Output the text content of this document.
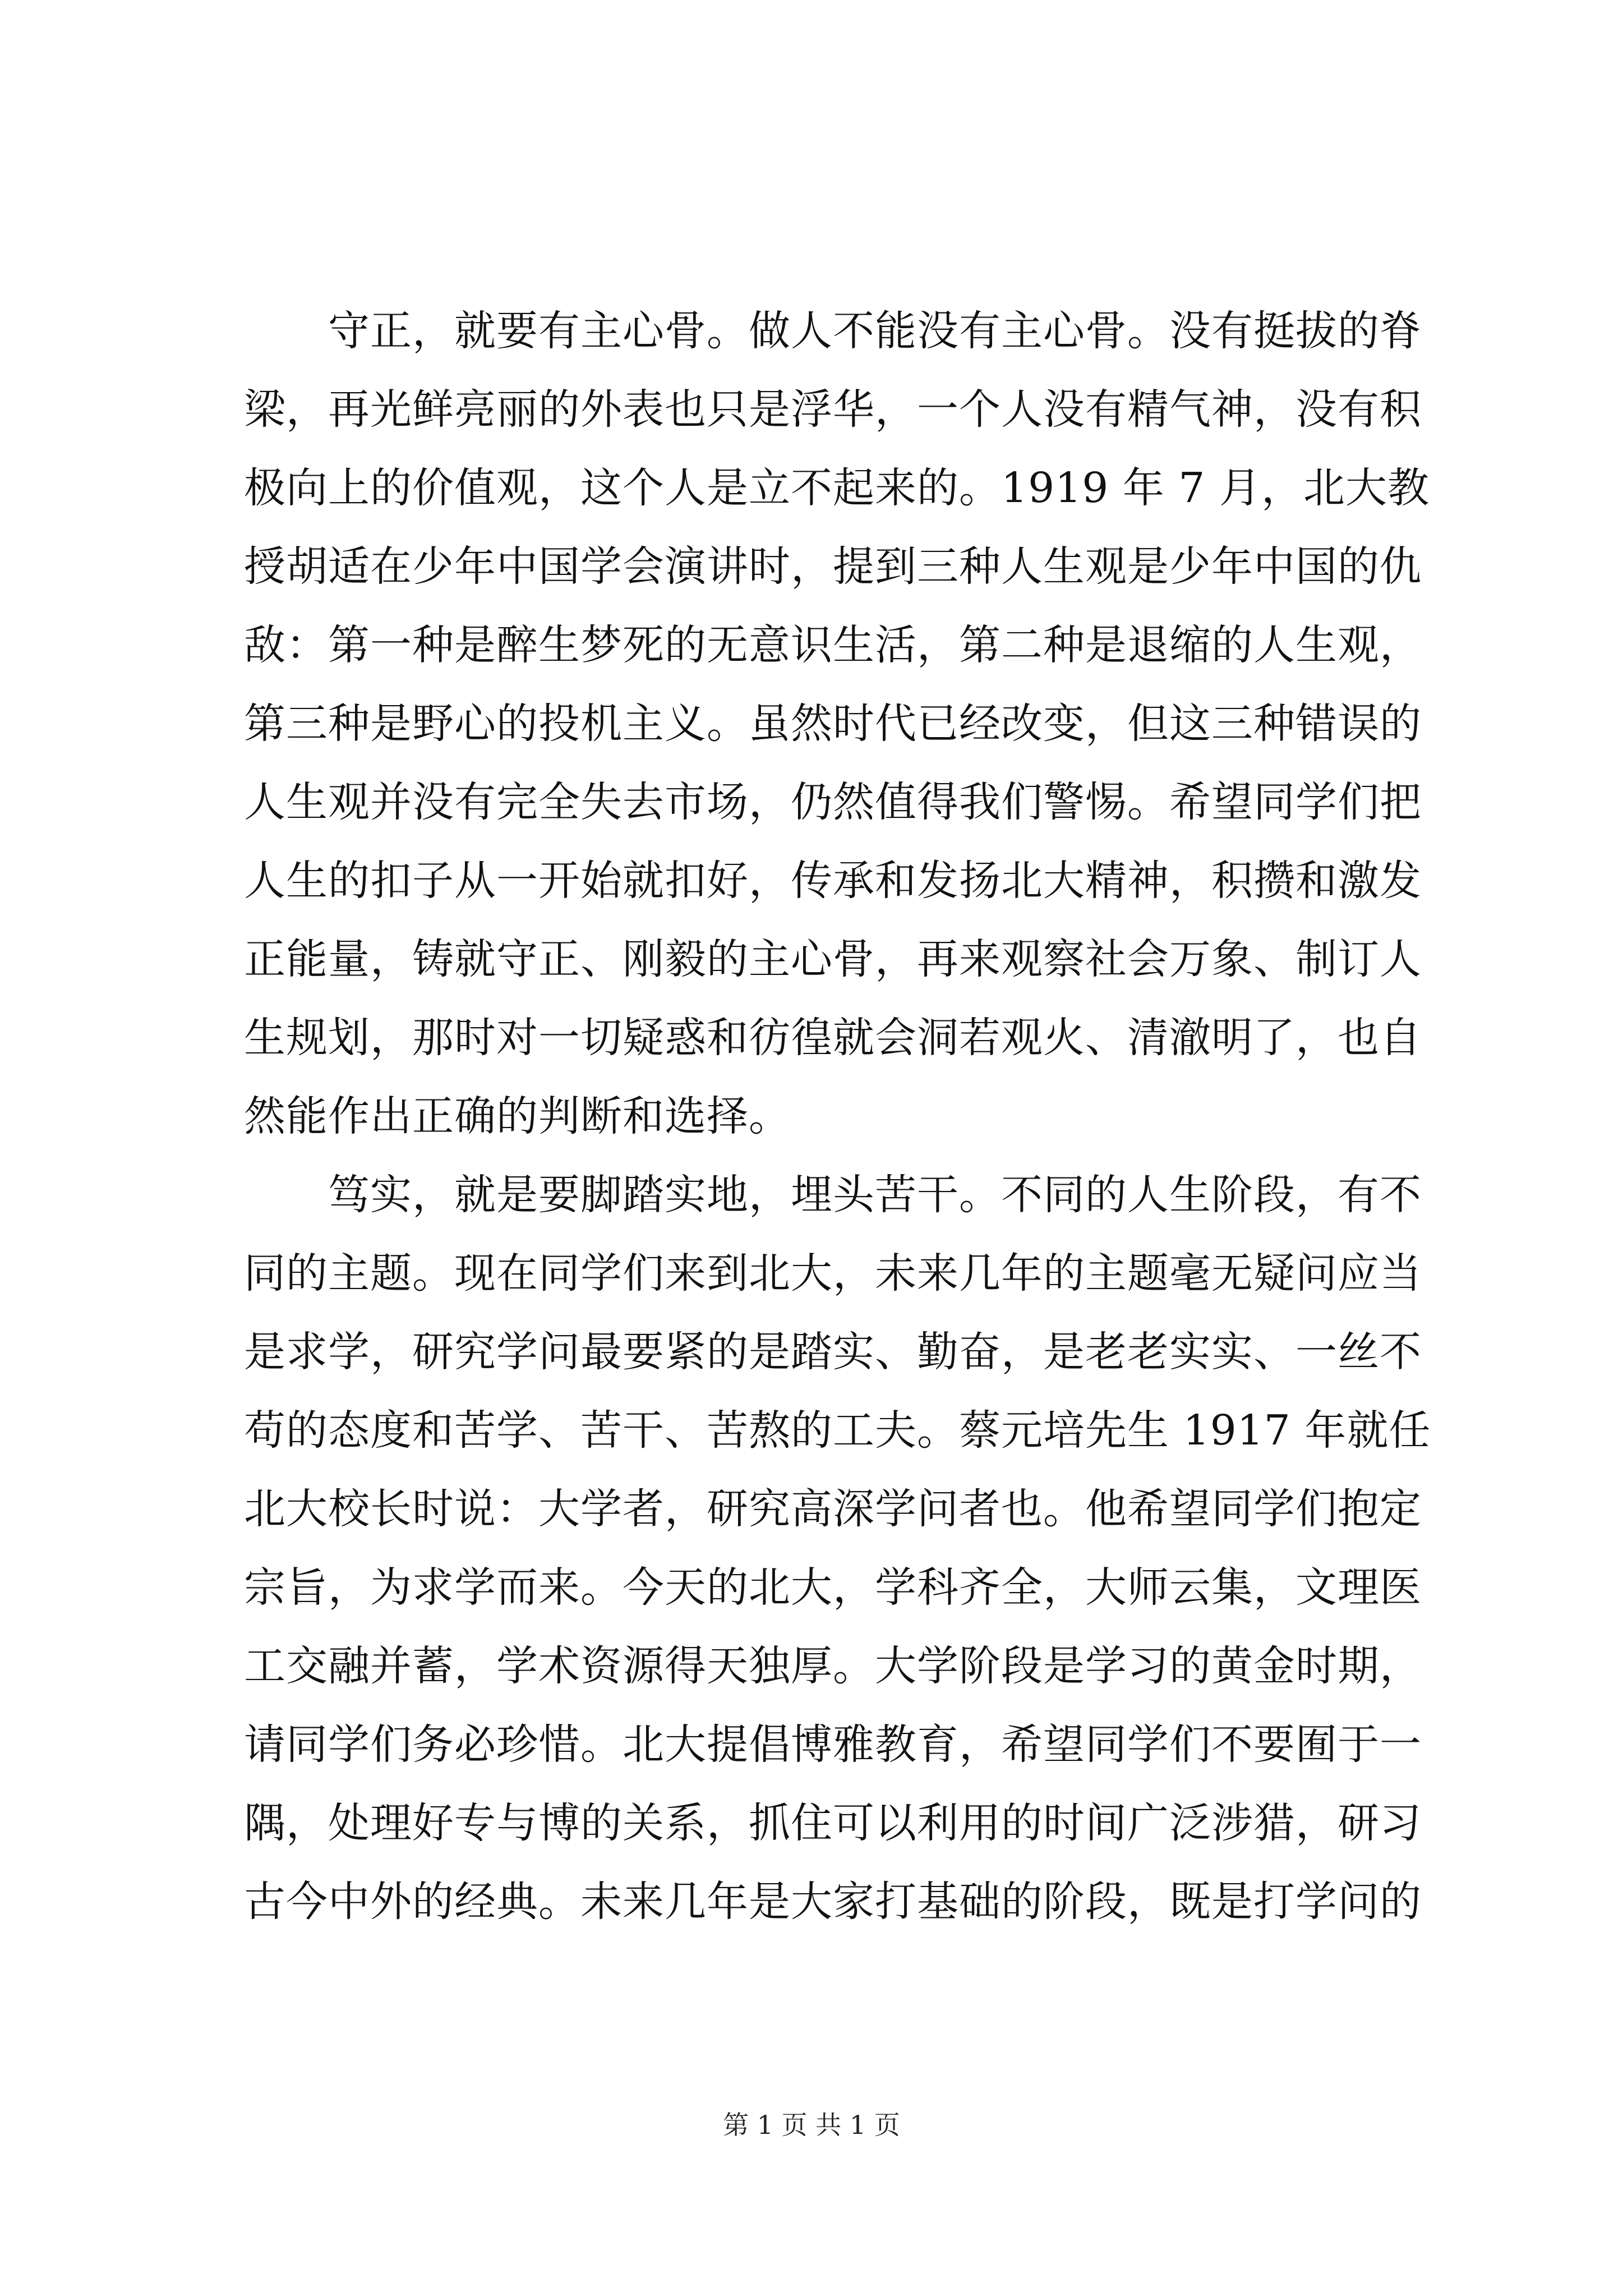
　　守正，就要有主心骨。做人不能没有主心骨。没有挺拔的脊
梁，再光鲜亮丽的外表也只是浮华，一个人没有精气神，没有积
极向上的价值观，这个人是立不起来的。1919 年 7 月，北大教
授胡适在少年中国学会演讲时，提到三种人生观是少年中国的仇
敌：第一种是醉生梦死的无意识生活，第二种是退缩的人生观，
第三种是野心的投机主义。虽然时代已经改变，但这三种错误的
人生观并没有完全失去市场，仍然值得我们警惕。希望同学们把
人生的扣子从一开始就扣好，传承和发扬北大精神，积攒和激发
正能量，铸就守正、刚毅的主心骨，再来观察社会万象、制订人
生规划，那时对一切疑惑和彷徨就会洞若观火、清澈明了，也自
然能作出正确的判断和选择。
　　笃实，就是要脚踏实地，埋头苦干。不同的人生阶段，有不
同的主题。现在同学们来到北大，未来几年的主题毫无疑问应当
是求学，研究学问最要紧的是踏实、勤奋，是老老实实、一丝不
苟的态度和苦学、苦干、苦熬的工夫。蔡元培先生 1917 年就任
北大校长时说：大学者，研究高深学问者也。他希望同学们抱定
宗旨，为求学而来。今天的北大，学科齐全，大师云集，文理医
工交融并蓄，学术资源得天独厚。大学阶段是学习的黄金时期，
请同学们务必珍惜。北大提倡博雅教育，希望同学们不要囿于一
隅，处理好专与博的关系，抓住可以利用的时间广泛涉猎，研习
古今中外的经典。未来几年是大家打基础的阶段，既是打学问的
第 1 页 共 1 页
